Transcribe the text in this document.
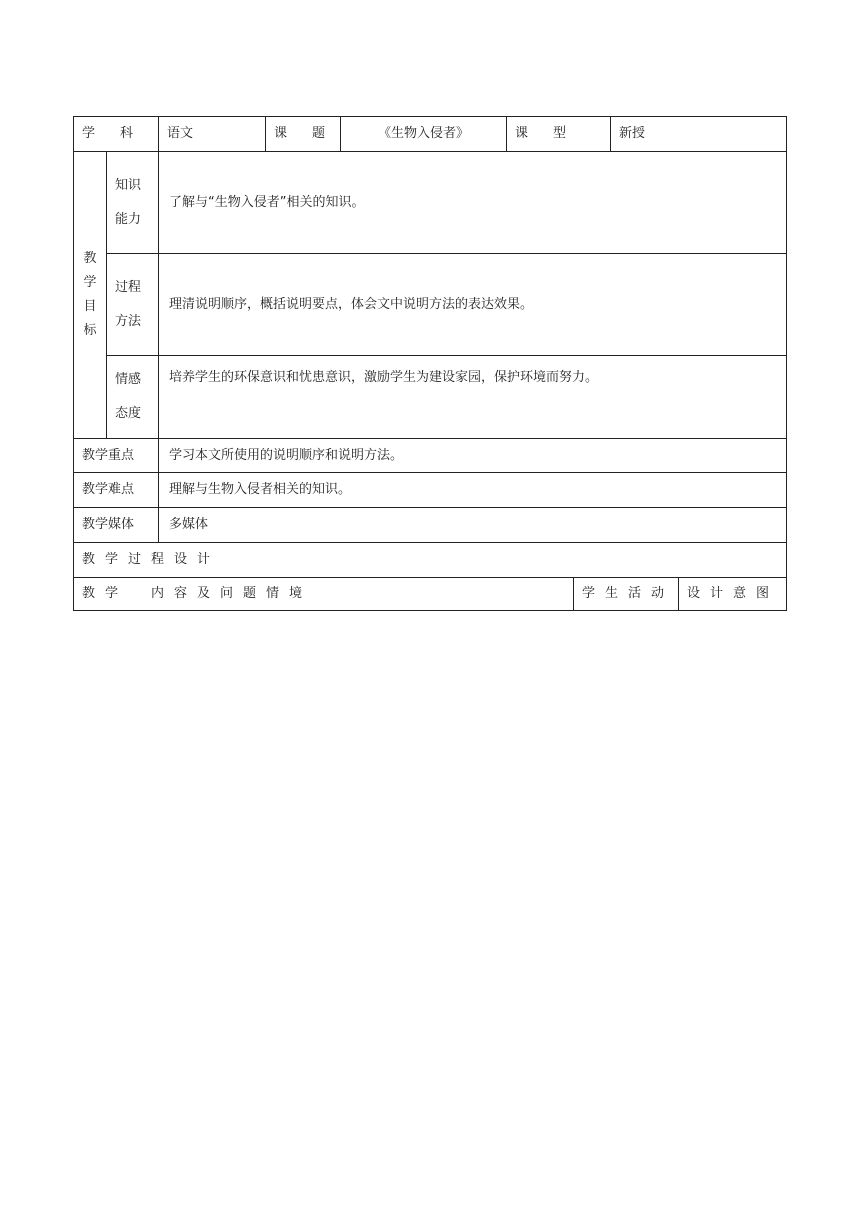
学　科		语文	课　题	《生物入侵者》	课　型		新授	
教学目标	知识能力	了解与“生物入侵者”相关的知识。						
	过程方法	理清说明顺序，概括说明要点，体会文中说明方法的表达效果。						
	情感态度	培养学生的环保意识和忧患意识，激励学生为建设家园，保护环境而努力。						
教学重点		学习本文所使用的说明顺序和说明方法。						
教学难点		理解与生物入侵者相关的知识。						
教学媒体		多媒体						
教学过程设计								
教学　内容及问题情境						学生活动		设计意图
